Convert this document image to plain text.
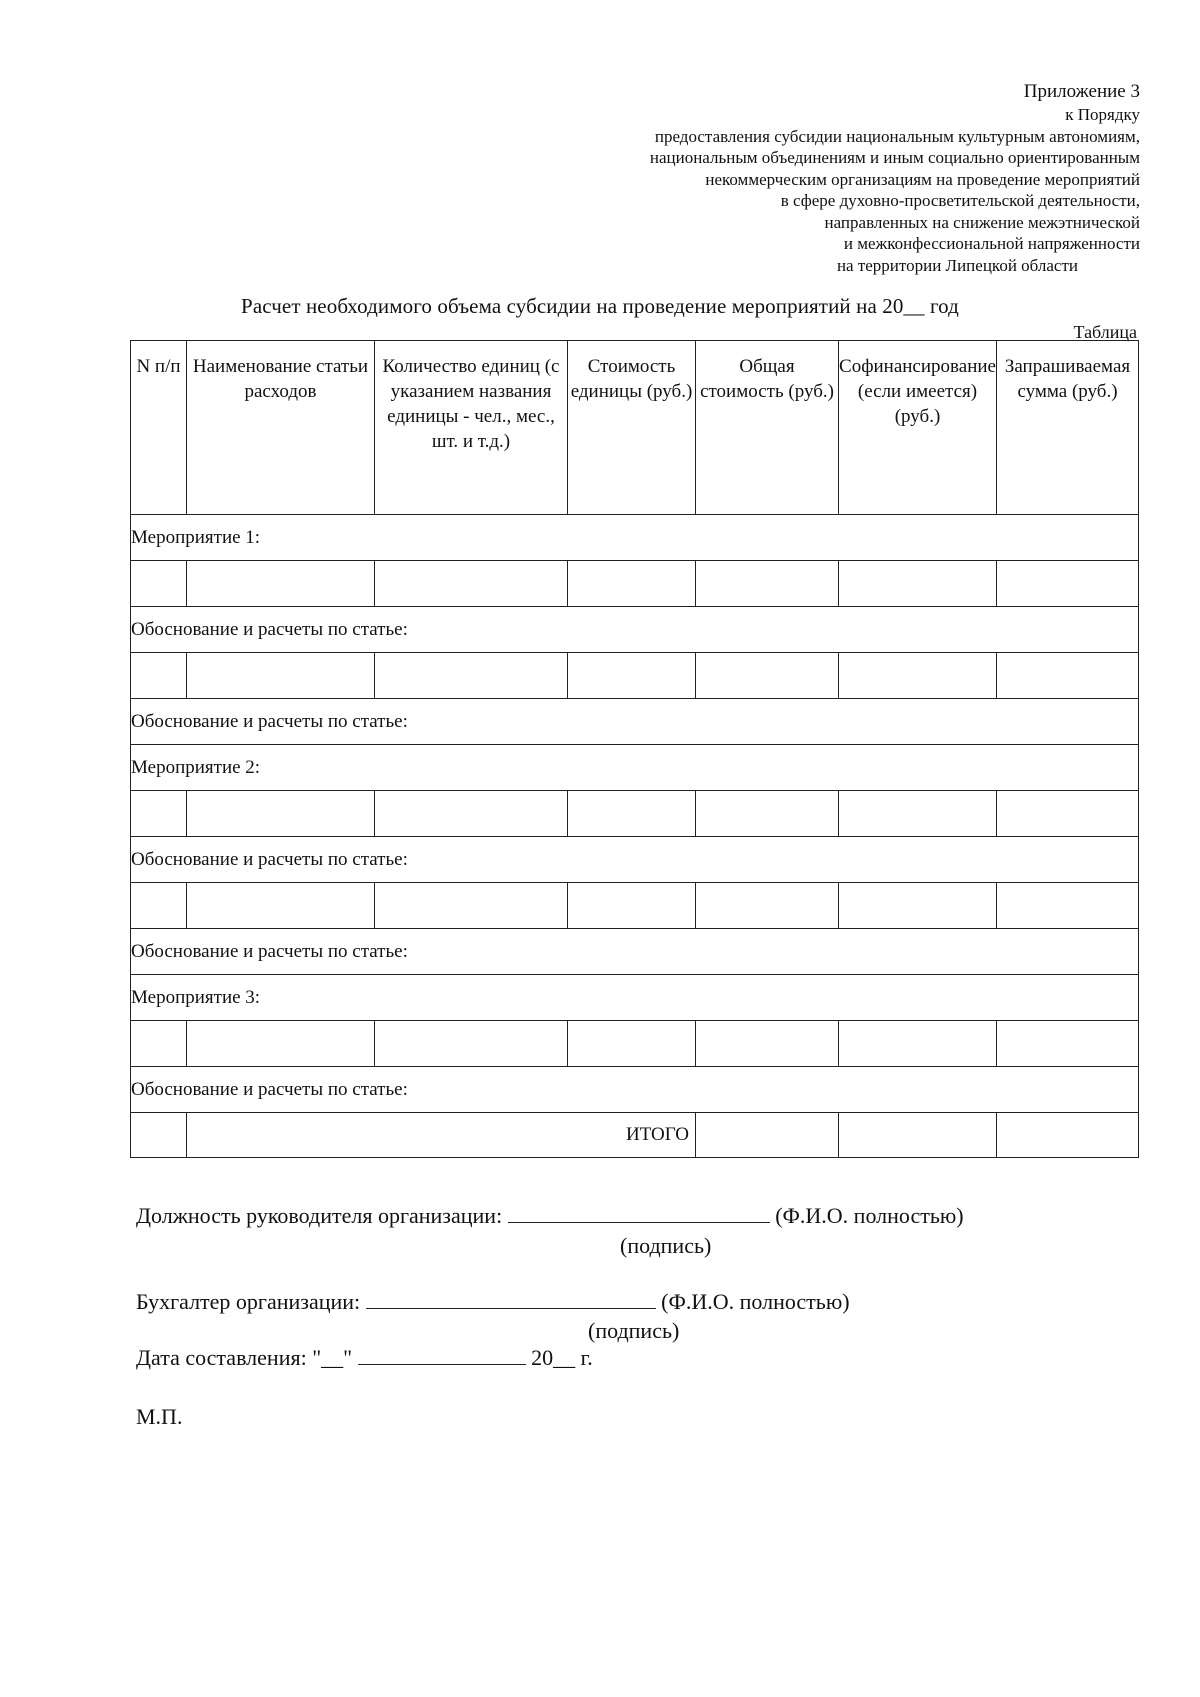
Приложение 3
к Порядку
предоставления субсидии национальным культурным автономиям,
национальным объединениям и иным социально ориентированным
некоммерческим организациям на проведение мероприятий
в сфере духовно-просветительской деятельности,
направленных на снижение межэтнической
и межконфессиональной напряженности
на территории Липецкой области
Расчет необходимого объема субсидии на проведение мероприятий на 20__ год
Таблица
N п/п	Наименование статьи расходов	Количество единиц (с указанием названия единицы - чел., мес., шт. и т.д.)	Стоимость единицы (руб.)	Общая стоимость (руб.)	Софинансирование (если имеется) (руб.)	Запрашиваемая сумма (руб.)
Мероприятие 1:						

Обоснование и расчеты по статье:						

Обоснование и расчеты по статье:						
Мероприятие 2:						

Обоснование и расчеты по статье:						

Обоснование и расчеты по статье:						
Мероприятие 3:						

Обоснование и расчеты по статье:						
	ИТОГО					
Должность руководителя организации:	(Ф.И.О. полностью)
(подпись)
Бухгалтер организации:	(Ф.И.О. полностью)
(подпись)
Дата составления: "__"	20__ г.
М.П.
